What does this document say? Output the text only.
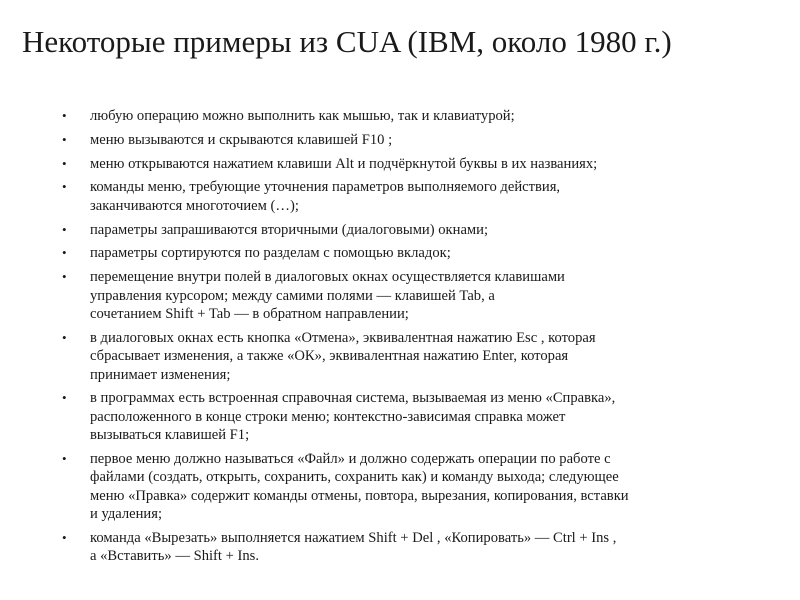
Некоторые примеры из CUA (IBM, около 1980 г.)
•	любую операцию можно выполнить как мышью, так и клавиатурой;
•	меню вызываются и скрываются клавишей F10 ;
•	меню открываются нажатием клавиши Alt и подчёркнутой буквы в их названиях;
•	команды меню, требующие уточнения параметров выполняемого действия,
заканчиваются многоточием (…);
•	параметры запрашиваются вторичными (диалоговыми) окнами;
•	параметры сортируются по разделам с помощью вкладок;
•	перемещение внутри полей в диалоговых окнах осуществляется клавишами
управления курсором; между самими полями — клавишей Tab, а
сочетанием Shift + Tab — в обратном направлении;
•	в диалоговых окнах есть кнопка «Отмена», эквивалентная нажатию Esc , которая
сбрасывает изменения, а также «ОК», эквивалентная нажатию Enter, которая
принимает изменения;
•	в программах есть встроенная справочная система, вызываемая из меню «Справка»,
расположенного в конце строки меню; контекстно-зависимая справка может
вызываться клавишей F1;
•	первое меню должно называться «Файл» и должно содержать операции по работе с
файлами (создать, открыть, сохранить, сохранить как) и команду выхода; следующее
меню «Правка» содержит команды отмены, повтора, вырезания, копирования, вставки
и удаления;
•	команда «Вырезать» выполняется нажатием Shift + Del , «Копировать» — Ctrl + Ins ,
а «Вставить» — Shift + Ins.
